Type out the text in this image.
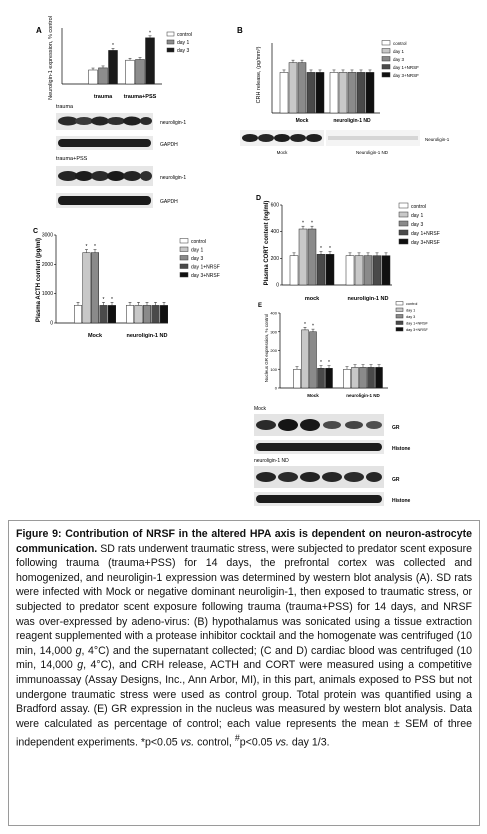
A
*
*
Neuroligin-1 expression, % control	trauma trauma+PSS
control
day 1
day 3
trauma
neuroligin-1
GAPDH
trauma+PSS
neuroligin-1
GAPDH
B
CRH release, (pg/mm³)
Mock	neuroligin-1 ND
control
day 1
day 3
day 1+NRSF
day 3+NRSF
Neuroligin-1
Mock	Neuroligin-1 ND
C
0
1000
2000
3000
* *
* *
Plasma ACTH content (pg/ml)
Mock	neuroligin-1 ND
control
day 1
day 3
day 1+NRSF
day 3+NRSF
D
0
200
400
600
* *
* *
Plasma CORT content (ng/ml)
mock	neuroligin-1 ND
control
day 1
day 3
day 1+NRSF
day 3+NRSF
E
0
100
200
300
400
* *
* *
Nucleus GR expression, % control
Mock	neuroligin-1 ND
control
day 1
day 3
day 1+NRSF
day 3+NRSF
Mock
GR
Histone
neuroligin-1 ND
GR
Histone
Figure 9: Contribution of NRSF in the altered HPA axis is dependent on neuron-astrocyte communication. SD rats underwent traumatic stress, were subjected to predator scent exposure following trauma (trauma+PSS) for 14 days, the prefrontal cortex was collected and homogenized, and neuroligin-1 expression was determined by western blot analysis (A). SD rats were infected with Mock or negative dominant neuroligin-1, then exposed to traumatic stress, or subjected to predator scent exposure following trauma (trauma+PSS) for 14 days, and NRSF was over-expressed by adeno-virus: (B) hypothalamus was sonicated using a tissue extraction reagent supplemented with a protease inhibitor cocktail and the homogenate was centrifuged (10 min, 14,000 g, 4°C) and the supernatant collected; (C and D) cardiac blood was centrifuged (10 min, 14,000 g, 4°C), and CRH release, ACTH and CORT were measured using a competitive immunoassay (Assay Designs, Inc., Ann Arbor, MI), in this part, animals exposed to PSS but not undergone traumatic stress were used as control group. Total protein was quantified using a Bradford assay. (E) GR expression in the nucleus was measured by western blot analysis. Data were calculated as percentage of control; each value represents the mean ± SEM of three independent experiments. *p<0.05 vs. control, #p<0.05 vs. day 1/3.
